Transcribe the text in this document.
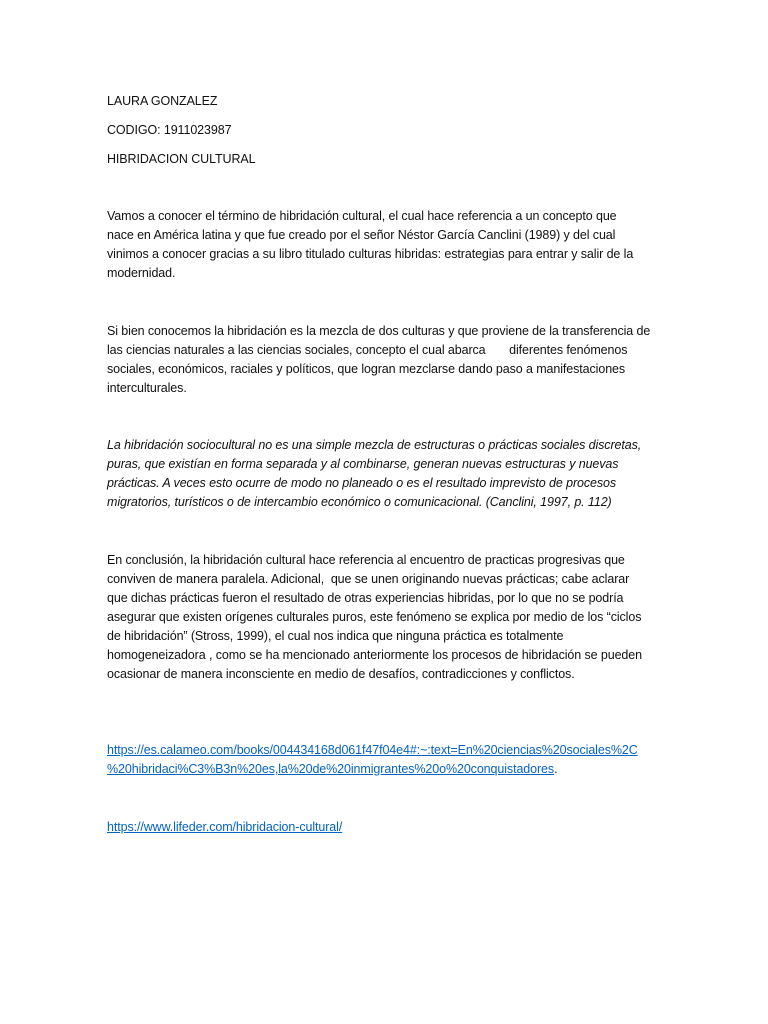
LAURA GONZALEZ
CODIGO: 1911023987
HIBRIDACION CULTURAL
Vamos a conocer el término de hibridación cultural, el cual hace referencia a un concepto que
nace en América latina y que fue creado por el señor Néstor García Canclini (1989) y del cual
vinimos a conocer gracias a su libro titulado culturas hibridas: estrategias para entrar y salir de la
modernidad.
Si bien conocemos la hibridación es la mezcla de dos culturas y que proviene de la transferencia de
las ciencias naturales a las ciencias sociales, concepto el cual abarca       diferentes fenómenos
sociales, económicos, raciales y políticos, que logran mezclarse dando paso a manifestaciones
interculturales.
La hibridación sociocultural no es una simple mezcla de estructuras o prácticas sociales discretas,
puras, que existían en forma separada y al combinarse, generan nuevas estructuras y nuevas
prácticas. A veces esto ocurre de modo no planeado o es el resultado imprevisto de procesos
migratorios, turísticos o de intercambio económico o comunicacional. (Canclini, 1997, p. 112)
En conclusión, la hibridación cultural hace referencia al encuentro de practicas progresivas que
conviven de manera paralela. Adicional,  que se unen originando nuevas prácticas; cabe aclarar
que dichas prácticas fueron el resultado de otras experiencias hibridas, por lo que no se podría
asegurar que existen orígenes culturales puros, este fenómeno se explica por medio de los “ciclos
de hibridación” (Stross, 1999), el cual nos indica que ninguna práctica es totalmente
homogeneizadora , como se ha mencionado anteriormente los procesos de hibridación se pueden
ocasionar de manera inconsciente en medio de desafíos, contradicciones y conflictos.
https://es.calameo.com/books/004434168d061f47f04e4#:~:text=En%20ciencias%20sociales%2C
%20hibridaci%C3%B3n%20es,la%20de%20inmigrantes%20o%20conquistadores.
https://www.lifeder.com/hibridacion-cultural/
